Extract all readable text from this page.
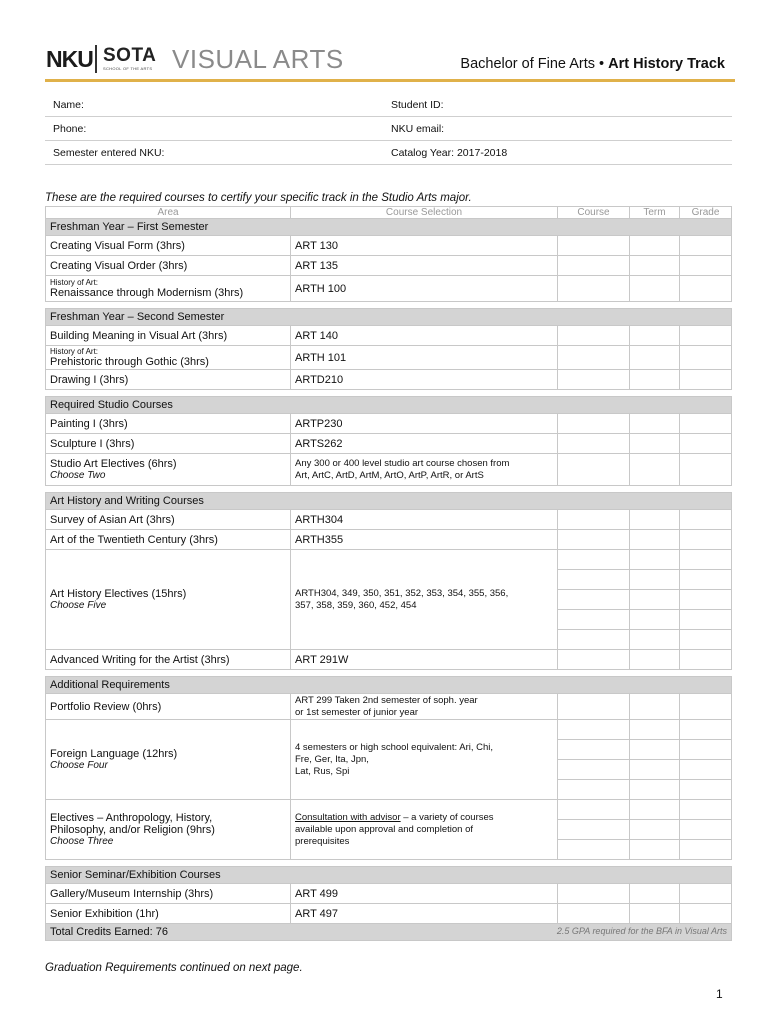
NKU SOTA
SCHOOL OF THE ARTS VISUAL ARTS	Bachelor of Fine Arts • Art History Track
Name:	Student ID:
Phone:	NKU email:
Semester entered NKU:	Catalog Year: 2017-2018
These are the required courses to certify your specific track in the Studio Arts major.
Area	Course Selection	Course	Term	Grade
Freshman Year – First Semester				
Creating Visual Form (3hrs)	ART 130			
Creating Visual Order (3hrs)	ART 135			

History of Art:
Renaissance through Modernism (3hrs)	ARTH 100			

Freshman Year – Second Semester				
Building Meaning in Visual Art (3hrs)	ART 140			

History of Art:
Prehistoric through Gothic (3hrs)	ARTH 101			
Drawing I (3hrs)	ARTD210			

Required Studio Courses				
Painting I (3hrs)	ARTP230			
Sculpture I (3hrs)	ARTS262			
Studio Art Electives (6hrs)
Choose Two	Any 300 or 400 level studio art course chosen from
Art, ArtC, ArtD, ArtM, ArtO, ArtP, ArtR, or ArtS			

Art History and Writing Courses				
Survey of Asian Art (3hrs)	ARTH304			
Art of the Twentieth Century (3hrs)	ARTH355			
Art History Electives (15hrs)
Choose Five	ARTH304, 349, 350, 351, 352, 353, 354, 355, 356,
357, 358, 359, 360, 452, 454			

Advanced Writing for the Artist (3hrs)	ART 291W			

Additional Requirements				
Portfolio Review (0hrs)	ART 299 Taken 2nd semester of soph. year
or 1st semester of junior year			
Foreign Language (12hrs)
Choose Four	4 semesters or high school equivalent: Ari, Chi,
Fre, Ger, Ita, Jpn,
Lat, Rus, Spi			

Electives – Anthropology, History,
Philosophy, and/or Religion (9hrs)
Choose Three	Consultation with advisor – a variety of courses
available upon approval and completion of
prerequisites			

Senior Seminar/Exhibition Courses				
Gallery/Museum Internship (3hrs)	ART 499			
Senior Exhibition (1hr)	ART 497			
Total Credits Earned: 76 2.5 GPA required for the BFA in Visual Arts				
Graduation Requirements continued on next page.
1
